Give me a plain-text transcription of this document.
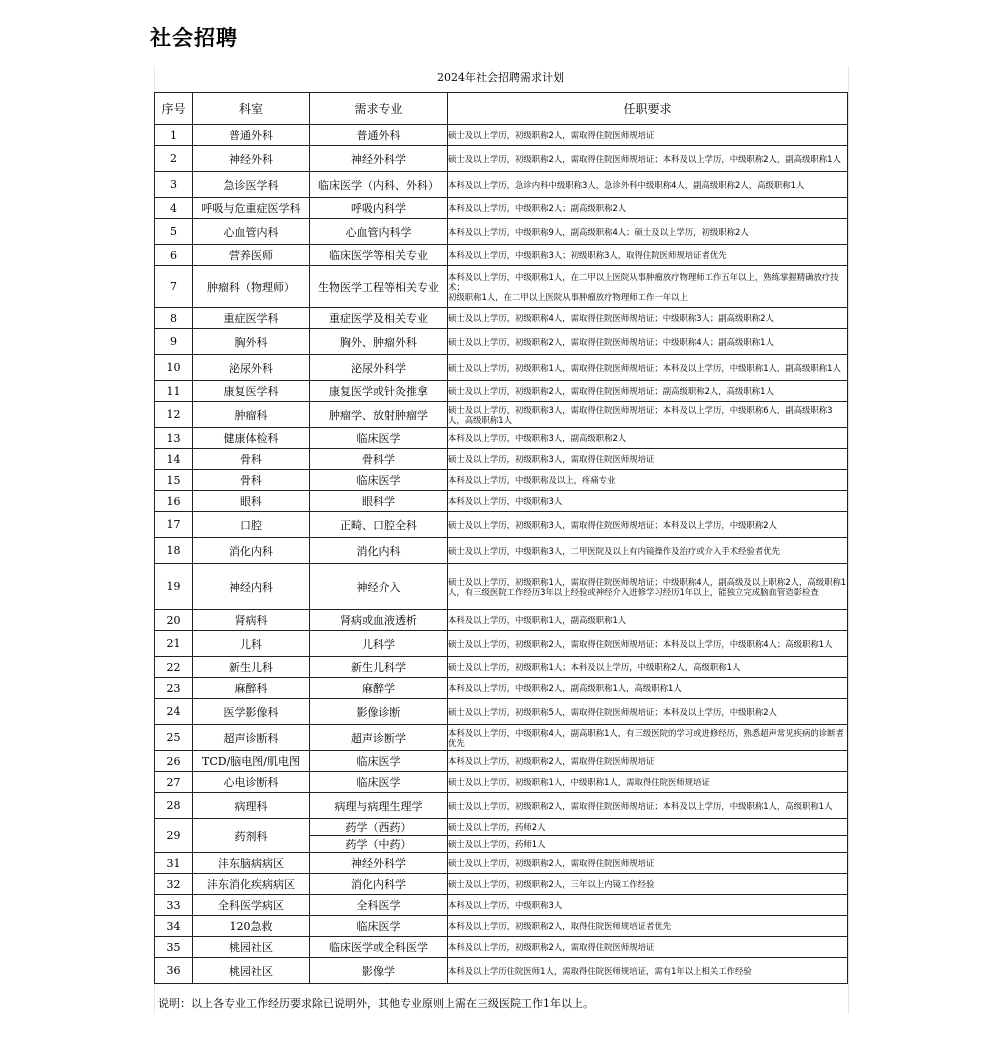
社会招聘
2024年社会招聘需求计划
序号	科室	需求专业	任职要求
1	普通外科	普通外科	硕士及以上学历，初级职称2人，需取得住院医师规培证
2	神经外科	神经外科学	硕士及以上学历，初级职称2人，需取得住院医师规培证；本科及以上学历，中级职称2人，副高级职称1人
3	急诊医学科	临床医学（内科、外科）	本科及以上学历，急诊内科中级职称3人，急诊外科中级职称4人，副高级职称2人，高级职称1人
4	呼吸与危重症医学科	呼吸内科学	本科及以上学历，中级职称2人；副高级职称2人
5	心血管内科	心血管内科学	本科及以上学历，中级职称9人，副高级职称4人；硕士及以上学历，初级职称2人
6	营养医师	临床医学等相关专业	本科及以上学历，中级职称3人；初级职称3人，取得住院医师规培证者优先
7	肿瘤科（物理师）	生物医学工程等相关专业	本科及以上学历，中级职称1人，在二甲以上医院从事肿瘤放疗物理师工作五年以上，熟练掌握精确放疗技术；
初级职称1人，在二甲以上医院从事肿瘤放疗物理师工作一年以上
8	重症医学科	重症医学及相关专业	硕士及以上学历，初级职称4人，需取得住院医师规培证；中级职称3人；副高级职称2人
9	胸外科	胸外、肿瘤外科	硕士及以上学历，初级职称2人，需取得住院医师规培证；中级职称4人；副高级职称1人
10	泌尿外科	泌尿外科学	硕士及以上学历，初级职称1人，需取得住院医师规培证；本科及以上学历，中级职称1人，副高级职称1人
11	康复医学科	康复医学或针灸推拿	硕士及以上学历，初级职称2人，需取得住院医师规培证；副高级职称2人，高级职称1人
12	肿瘤科	肿瘤学、放射肿瘤学	硕士及以上学历，初级职称3人，需取得住院医师规培证；本科及以上学历，中级职称6人，副高级职称3人，高级职称1人
13	健康体检科	临床医学	本科及以上学历，中级职称3人，副高级职称2人
14	骨科	骨科学	硕士及以上学历，初级职称3人，需取得住院医师规培证
15	骨科	临床医学	本科及以上学历，中级职称及以上，疼痛专业
16	眼科	眼科学	本科及以上学历，中级职称3人
17	口腔	正畸、口腔全科	硕士及以上学历，初级职称3人，需取得住院医师规培证；本科及以上学历，中级职称2人
18	消化内科	消化内科	硕士及以上学历，中级职称3人，二甲医院及以上有内镜操作及治疗或介入手术经验者优先
19	神经内科	神经介入	硕士及以上学历，初级职称1人，需取得住院医师规培证；中级职称4人，副高级及以上职称2人，高级职称1人，有三级医院工作经历3年以上经验或神经介入进修学习经历1年以上，能独立完成脑血管造影检查
20	肾病科	肾病或血液透析	本科及以上学历，中级职称1人，副高级职称1人
21	儿科	儿科学	硕士及以上学历，初级职称2人，需取得住院医师规培证；本科及以上学历，中级职称4人；高级职称1人
22	新生儿科	新生儿科学	硕士及以上学历，初级职称1人；本科及以上学历，中级职称2人，高级职称1人
23	麻醉科	麻醉学	本科及以上学历，中级职称2人，副高级职称1人，高级职称1人
24	医学影像科	影像诊断	硕士及以上学历，初级职称5人，需取得住院医师规培证；本科及以上学历，中级职称2人
25	超声诊断科	超声诊断学	本科及以上学历，中级职称4人，副高职称1人，有三级医院的学习或进修经历，熟悉超声常见疾病的诊断者优先
26	TCD/脑电图/肌电图	临床医学	本科及以上学历，初级职称2人，需取得住院医师规培证
27	心电诊断科	临床医学	硕士及以上学历，初级职称1人，中级职称1人，需取得住院医师规培证
28	病理科	病理与病理生理学	硕士及以上学历，初级职称2人，需取得住院医师规培证；本科及以上学历，中级职称1人，高级职称1人
29	药剂科	药学（西药）	硕士及以上学历，药师2人
		药学（中药）	硕士及以上学历，药师1人
31	沣东脑病病区	神经外科学	硕士及以上学历，初级职称2人，需取得住院医师规培证
32	沣东消化疾病病区	消化内科学	硕士及以上学历，初级职称2人，三年以上内镜工作经验
33	全科医学病区	全科医学	本科及以上学历，中级职称3人
34	120急救	临床医学	本科及以上学历，初级职称2人，取得住院医师规培证者优先
35	桃园社区	临床医学或全科医学	本科及以上学历，初级职称2人，需取得住院医师规培证
36	桃园社区	影像学	本科及以上学历住院医师1人，需取得住院医师规培证，需有1年以上相关工作经验
说明：以上各专业工作经历要求除已说明外，其他专业原则上需在三级医院工作1年以上。
